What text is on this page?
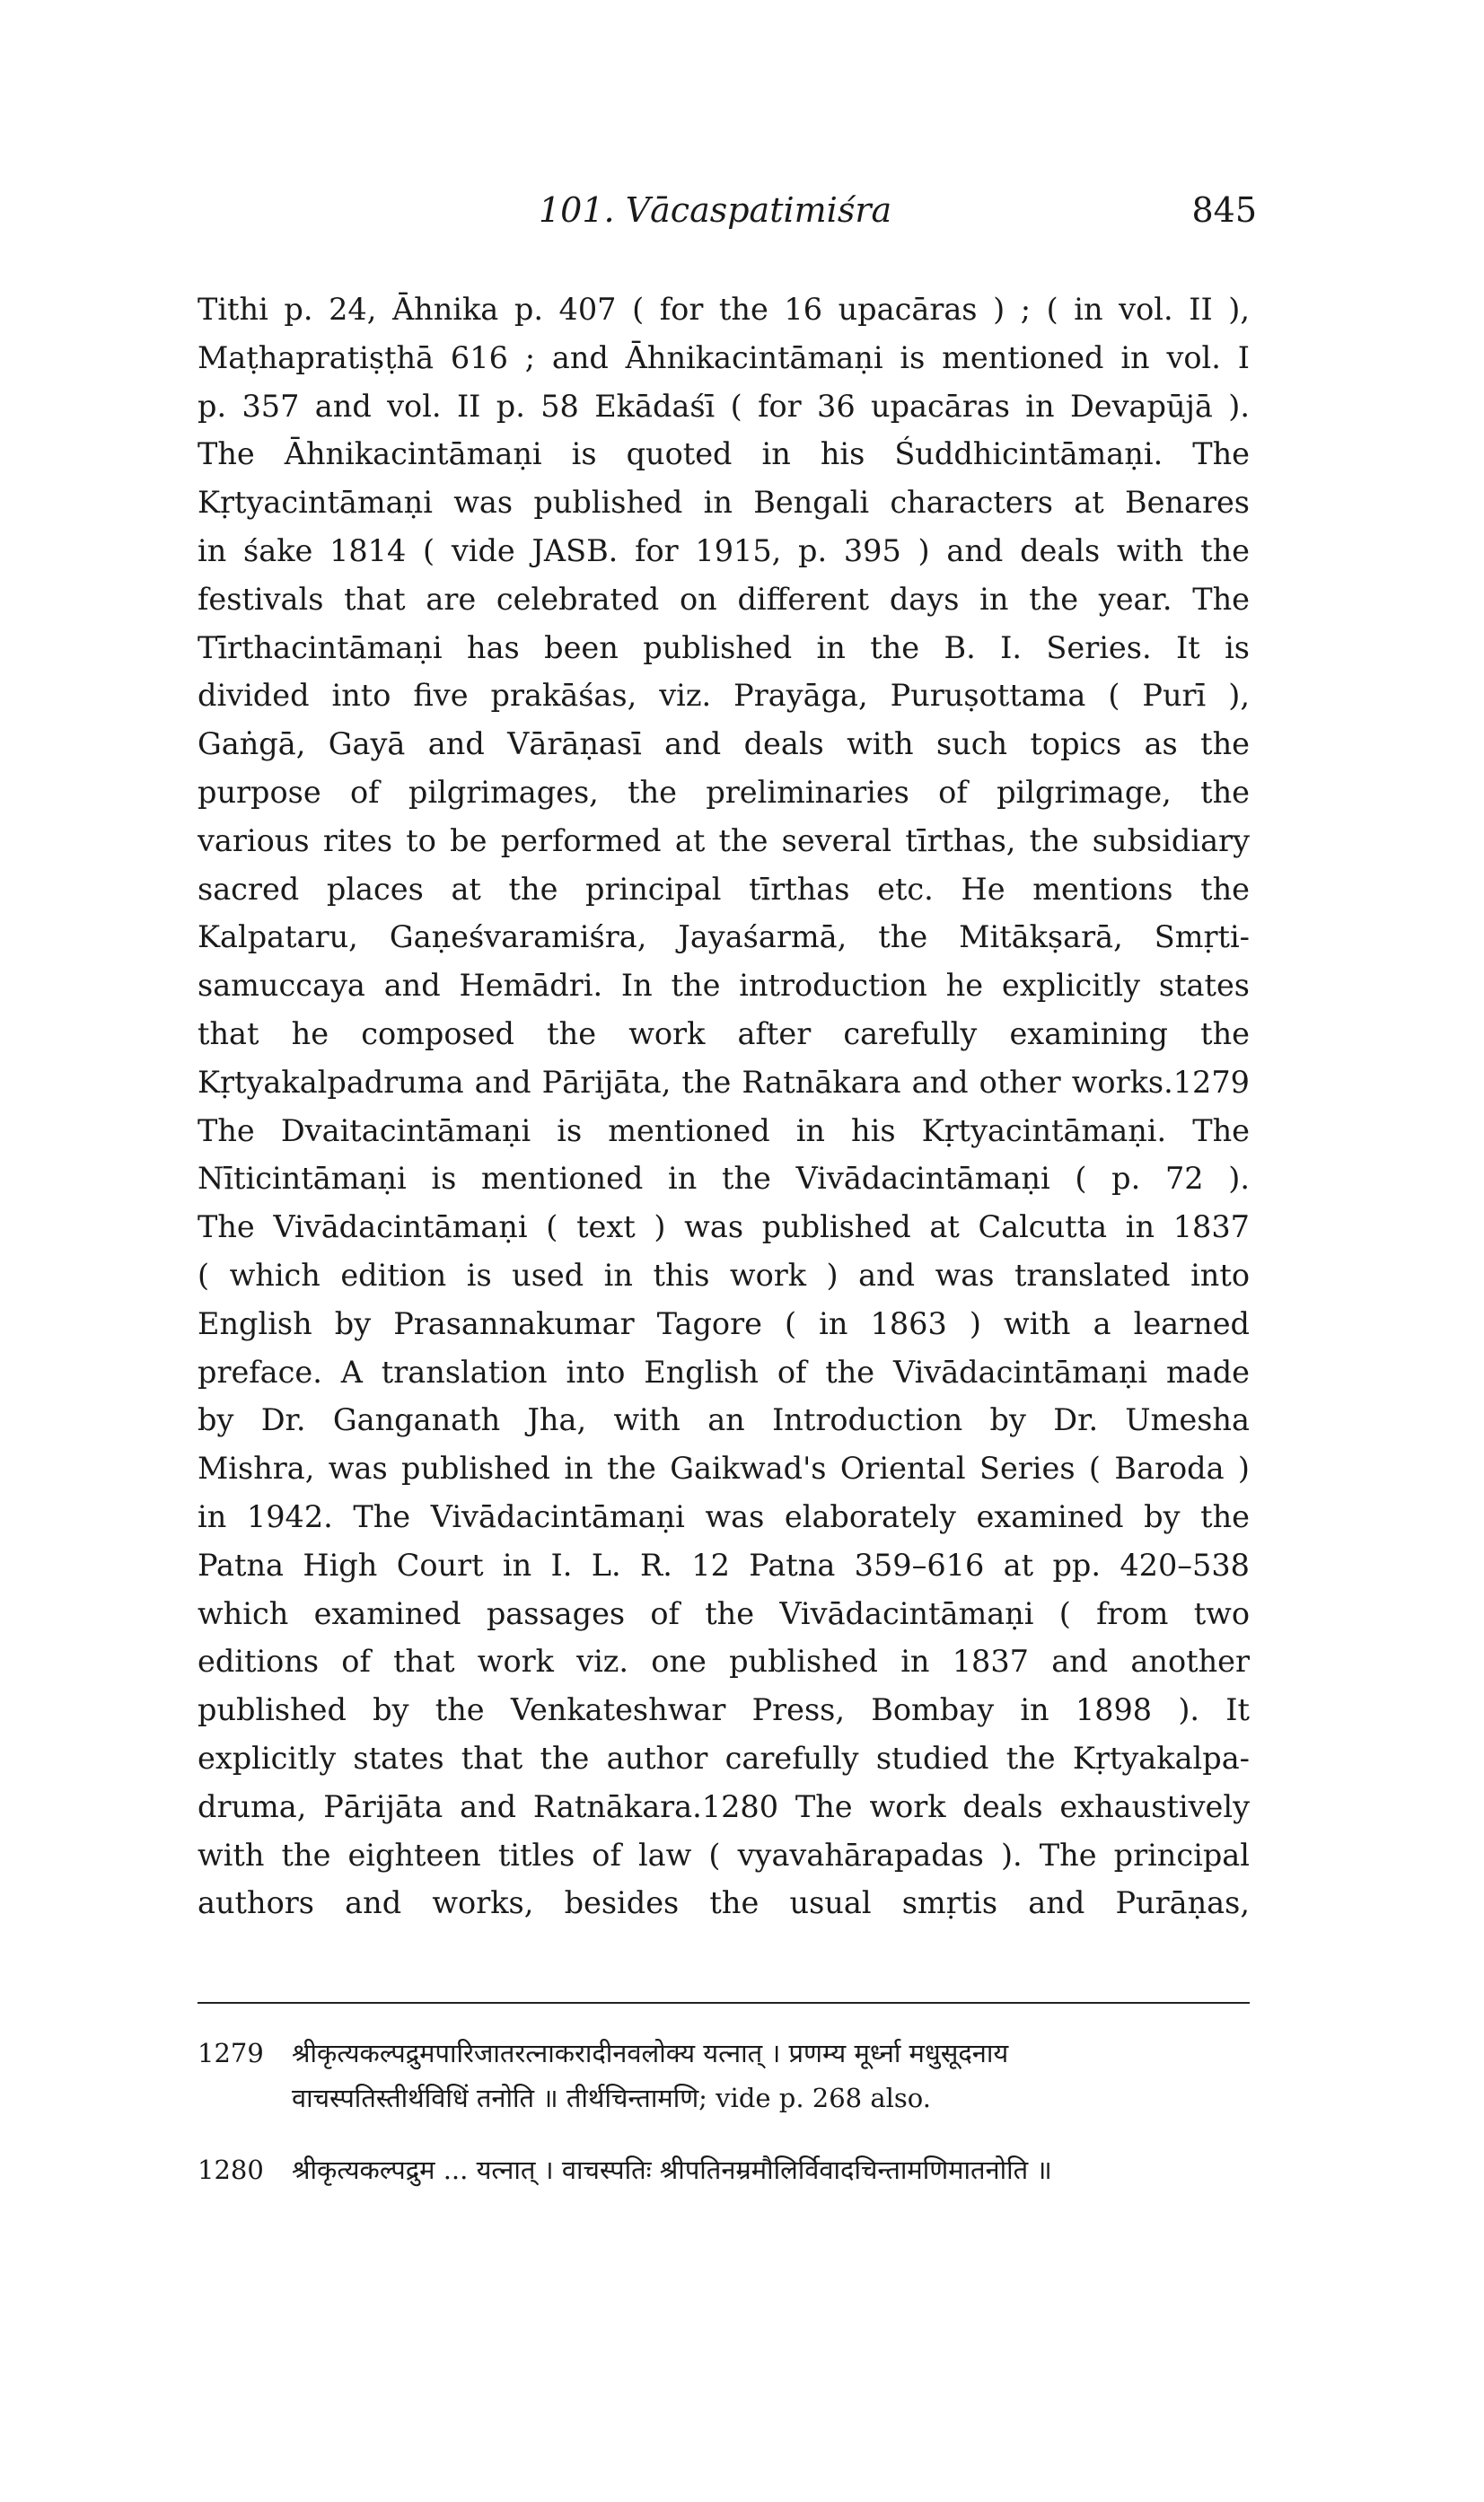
101. Vācaspatimiśra	845
Tithi p. 24, Āhnika p. 407 ( for the 16 upacāras ) ; ( in vol. II ),
Maṭhapratiṣṭhā 616 ; and Āhnikacintāmaṇi is mentioned in vol. I
p. 357 and vol. II p. 58 Ekādaśī ( for 36 upacāras in Devapūjā ).
The Āhnikacintāmaṇi is quoted in his Śuddhicintāmaṇi. The
Kṛtyacintāmaṇi was published in Bengali characters at Benares
in śake 1814 ( vide JASB. for 1915, p. 395 ) and deals with the
festivals that are celebrated on different days in the year. The
Tīrthacintāmaṇi has been published in the B. I. Series. It is
divided into five prakāśas, viz. Prayāga, Puruṣottama ( Purī ),
Gaṅgā, Gayā and Vārāṇasī and deals with such topics as the
purpose of pilgrimages, the preliminaries of pilgrimage, the
various rites to be performed at the several tīrthas, the subsidiary
sacred places at the principal tīrthas etc. He mentions the
Kalpataru, Gaṇeśvaramiśra, Jayaśarmā, the Mitākṣarā, Smṛti-
samuccaya and Hemādri. In the introduction he explicitly states
that he composed the work after carefully examining the
Kṛtyakalpadruma and Pārijāta, the Ratnākara and other works.1279
The Dvaitacintāmaṇi is mentioned in his Kṛtyacintāmaṇi. The
Nīticintāmaṇi is mentioned in the Vivādacintāmaṇi ( p. 72 ).
The Vivādacintāmaṇi ( text ) was published at Calcutta in 1837
( which edition is used in this work ) and was translated into
English by Prasannakumar Tagore ( in 1863 ) with a learned
preface. A translation into English of the Vivādacintāmaṇi made
by Dr. Ganganath Jha, with an Introduction by Dr. Umesha
Mishra, was published in the Gaikwad's Oriental Series ( Baroda )
in 1942. The Vivādacintāmaṇi was elaborately examined by the
Patna High Court in I. L. R. 12 Patna 359–616 at pp. 420–538
which examined passages of the Vivādacintāmaṇi ( from two
editions of that work viz. one published in 1837 and another
published by the Venkateshwar Press, Bombay in 1898 ). It
explicitly states that the author carefully studied the Kṛtyakalpa-
druma, Pārijāta and Ratnākara.1280 The work deals exhaustively
with the eighteen titles of law ( vyavahārapadas ). The principal
authors and works, besides the usual smṛtis and Purāṇas,
1279	श्रीकृत्यकल्पद्रुमपारिजातरत्नाकरादीनवलोक्य यत्नात् । प्रणम्य मूर्ध्ना मधुसूदनाय
वाचस्पतिस्तीर्थविधिं तनोति ॥ तीर्थचिन्तामणि; vide p. 268 also.
1280	श्रीकृत्यकल्पद्रुम ... यत्नात् । वाचस्पतिः श्रीपतिनम्रमौलिर्विवादचिन्तामणिमातनोति ॥
